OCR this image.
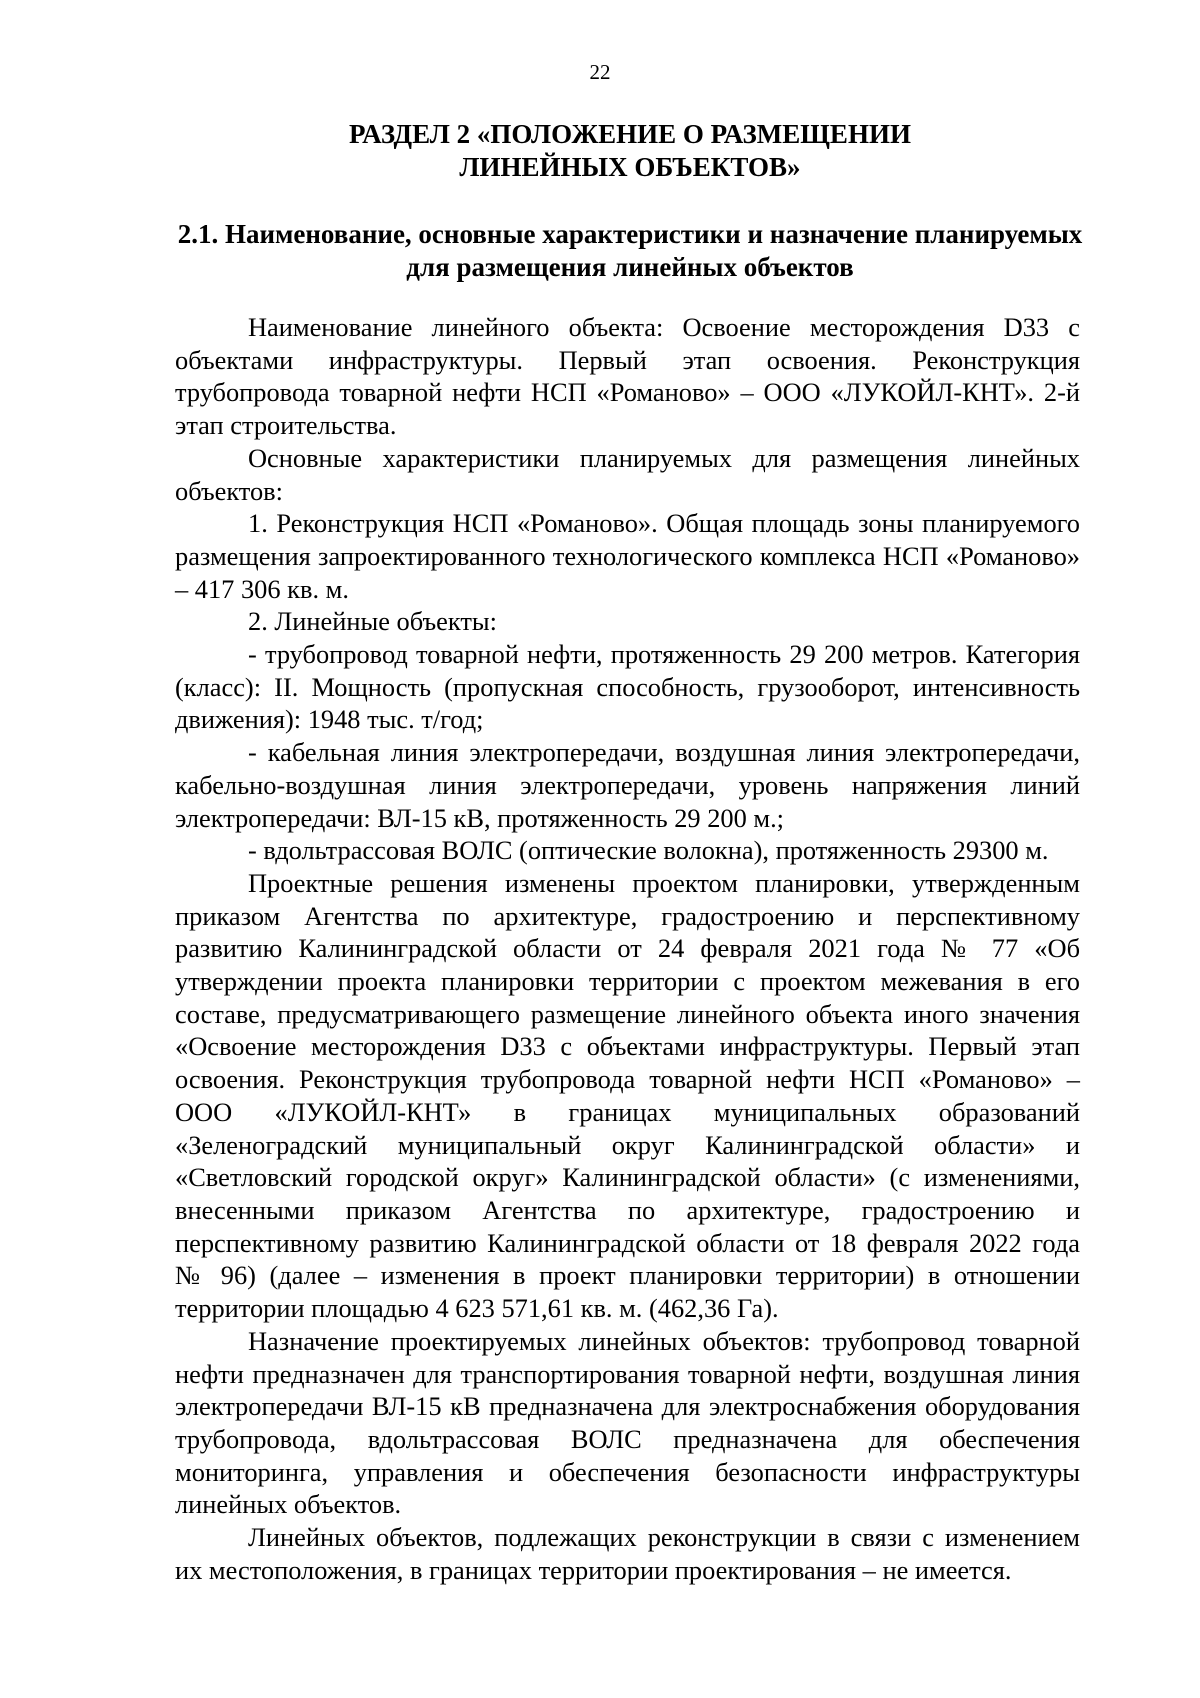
22
РАЗДЕЛ 2 «ПОЛОЖЕНИЕ О РАЗМЕЩЕНИИ
ЛИНЕЙНЫХ ОБЪЕКТОВ»
2.1. Наименование, основные характеристики и назначение планируемых
для размещения линейных объектов

Наименование линейного объекта: Освоение месторождения D33 с объектами инфраструктуры. Первый этап освоения. Реконструкция трубопровода товарной нефти НСП «Романово» – ООО «ЛУКОЙЛ-КНТ». 2-й этап строительства.

Основные характеристики планируемых для размещения линейных объектов:

1. Реконструкция НСП «Романово». Общая площадь зоны планируемого размещения запроектированного технологического комплекса НСП «Романово» – 417 306 кв. м.

2. Линейные объекты:

- трубопровод товарной нефти, протяженность 29 200 метров. Категория (класс): II. Мощность (пропускная способность, грузооборот, интенсивность движения): 1948 тыс. т/год;

- кабельная линия электропередачи, воздушная линия электропередачи, кабельно-воздушная линия электропередачи, уровень напряжения линий электропередачи: ВЛ-15 кВ, протяженность 29 200 м.;

- вдольтрассовая ВОЛС (оптические волокна), протяженность 29300 м.

Проектные решения изменены проектом планировки, утвержденным приказом Агентства по архитектуре, градостроению и перспективному развитию Калининградской области от 24 февраля 2021 года № 77 «Об утверждении проекта планировки территории с проектом межевания в его составе, предусматривающего размещение линейного объекта иного значения «Освоение месторождения D33 с объектами инфраструктуры. Первый этап освоения. Реконструкция трубопровода товарной нефти НСП «Романово» – ООО «ЛУКОЙЛ-КНТ» в границах муниципальных образований «Зеленоградский муниципальный округ Калининградской области» и «Светловский городской округ» Калининградской области» (с изменениями, внесенными приказом Агентства по архитектуре, градостроению и перспективному развитию Калининградской области от 18 февраля 2022 года № 96) (далее – изменения в проект планировки территории) в отношении территории площадью 4 623 571,61 кв. м. (462,36 Га).

Назначение проектируемых линейных объектов: трубопровод товарной нефти предназначен для транспортирования товарной нефти, воздушная линия электропередачи ВЛ-15 кВ предназначена для электроснабжения оборудования трубопровода, вдольтрассовая ВОЛС предназначена для обеспечения мониторинга, управления и обеспечения безопасности инфраструктуры линейных объектов.

Линейных объектов, подлежащих реконструкции в связи с изменением их местоположения, в границах территории проектирования – не имеется.
